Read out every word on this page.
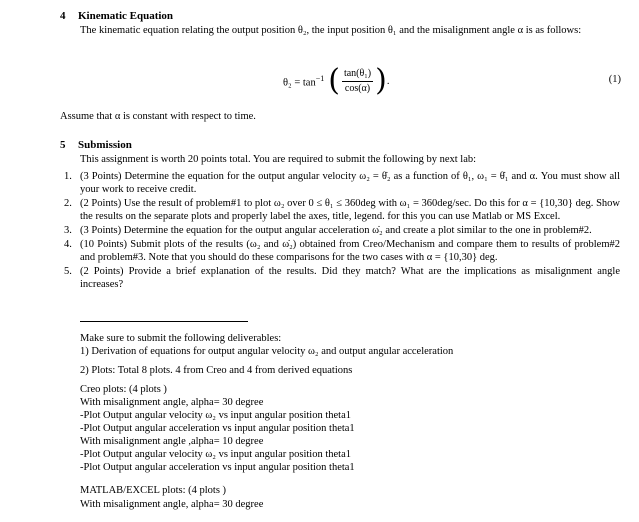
4 Kinematic Equation
The kinematic equation relating the output position θ₂, the input position θ₁ and the misalignment angle α is as follows:
$\theta_2 = \tan^{-1}$ ( $\frac{\text{tan(θ₁)}}{\cos(\alpha)}$ ) .	(1)
Assume that α is constant with respect to time.
5 Submission
This assignment is worth 20 points total. You are required to submit the following by next lab:
1. (3 Points) Determine the equation for the output angular velocity ω₂ = θ̇₂ as a function of θ₁, ω₁ = θ̇₁ and α. You must show all your work to receive credit.
2. (2 Points) Use the result of problem#1 to plot ω₂ over 0 ≤ θ₁ ≤ 360deg with ω₁ = 360deg/sec. Do this for α = {10,30} deg. Show the results on the separate plots and properly label the axes, title, legend. for this you can use Matlab or MS Excel.
3. (3 Points) Determine the equation for the output angular acceleration ω̇₂ and create a plot similar to the one in problem#2.
4. (10 Points) Submit plots of the results (ω₂ and ω̇₂) obtained from Creo/Mechanism and compare them to results of problem#2 and problem#3. Note that you should do these comparisons for the two cases with α = {10,30} deg.
5. (2 Points) Provide a brief explanation of the results. Did they match? What are the implications as misalignment angle increases?
Make sure to submit the following deliverables:
1) Derivation of equations for output angular velocity ω₂ and output angular acceleration
2) Plots: Total 8 plots. 4 from Creo and 4 from derived equations
Creo plots: (4 plots )
With misalignment angle, alpha= 30 degree
-Plot Output angular velocity ω₂ vs input angular position theta1
-Plot Output angular acceleration vs input angular position theta1
With misalignment angle ,alpha= 10 degree
-Plot Output angular velocity ω₂ vs input angular position theta1
-Plot Output angular acceleration vs input angular position theta1
MATLAB/EXCEL plots: (4 plots )
With misalignment angle, alpha= 30 degree
